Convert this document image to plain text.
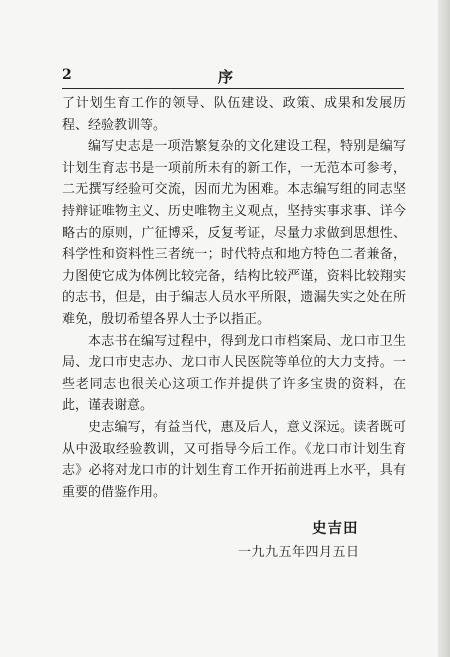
2	序

了计划生育工作的领导、队伍建设、政策、成果和发展历程、经验教训等。

编写史志是一项浩繁复杂的文化建设工程，特别是编写计划生育志书是一项前所未有的新工作，一无范本可参考，二无撰写经验可交流，因而尤为困难。本志编写组的同志坚持辩证唯物主义、历史唯物主义观点，坚持实事求事、详今略古的原则，广征博采，反复考证，尽量力求做到思想性、科学性和资料性三者统一；时代特点和地方特色二者兼备，力图使它成为体例比较完备，结构比较严谨，资料比较翔实的志书，但是，由于编志人员水平所限，遗漏失实之处在所难免，殷切希望各界人士予以指正。

本志书在编写过程中，得到龙口市档案局、龙口市卫生局、龙口市史志办、龙口市人民医院等单位的大力支持。一些老同志也很关心这项工作并提供了许多宝贵的资料，在此，谨表谢意。

史志编写，有益当代，惠及后人，意义深远。读者既可从中汲取经验教训，又可指导今后工作。《龙口市计划生育志》必将对龙口市的计划生育工作开拓前进再上水平，具有重要的借鉴作用。

史吉田
一九九五年四月五日
